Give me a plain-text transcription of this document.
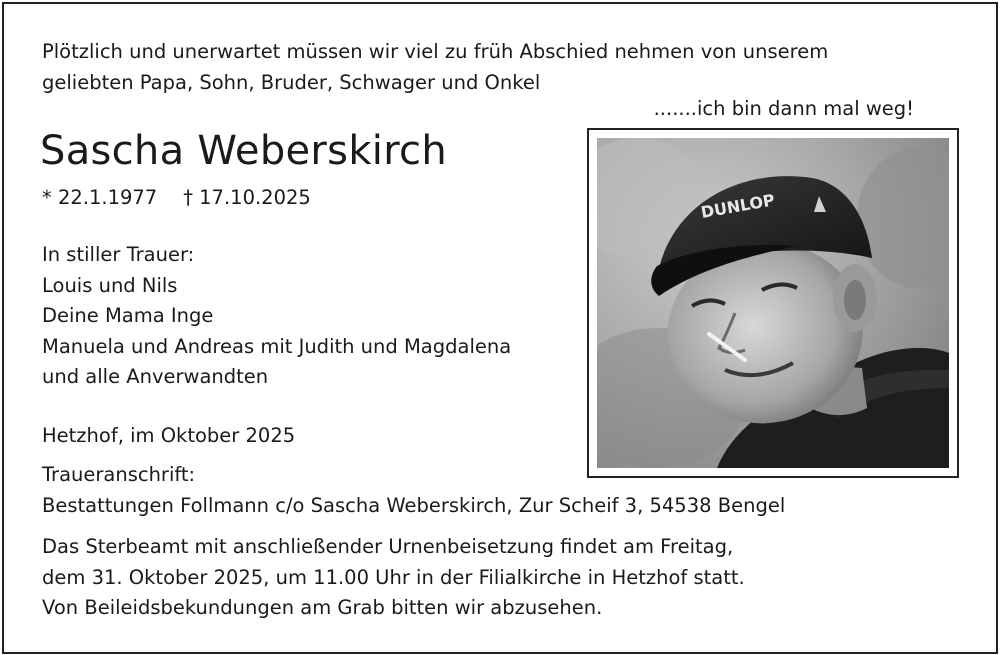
Plötzlich und unerwartet müssen wir viel zu früh Abschied nehmen von unserem
geliebten Papa, Sohn, Bruder, Schwager und Onkel
.......ich bin dann mal weg!
Sascha Weberskirch
* 22.1.1977 † 17.10.2025
In stiller Trauer:
Louis und Nils
Deine Mama Inge
Manuela und Andreas mit Judith und Magdalena
und alle Anverwandten
Hetzhof, im Oktober 2025
Traueranschrift:
Bestattungen Follmann c/o Sascha Weberskirch, Zur Scheif 3, 54538 Bengel
Das Sterbeamt mit anschließender Urnenbeisetzung findet am Freitag,
dem 31. Oktober 2025, um 11.00 Uhr in der Filialkirche in Hetzhof statt.
Von Beileidsbekundungen am Grab bitten wir abzusehen.
DUNLOP
